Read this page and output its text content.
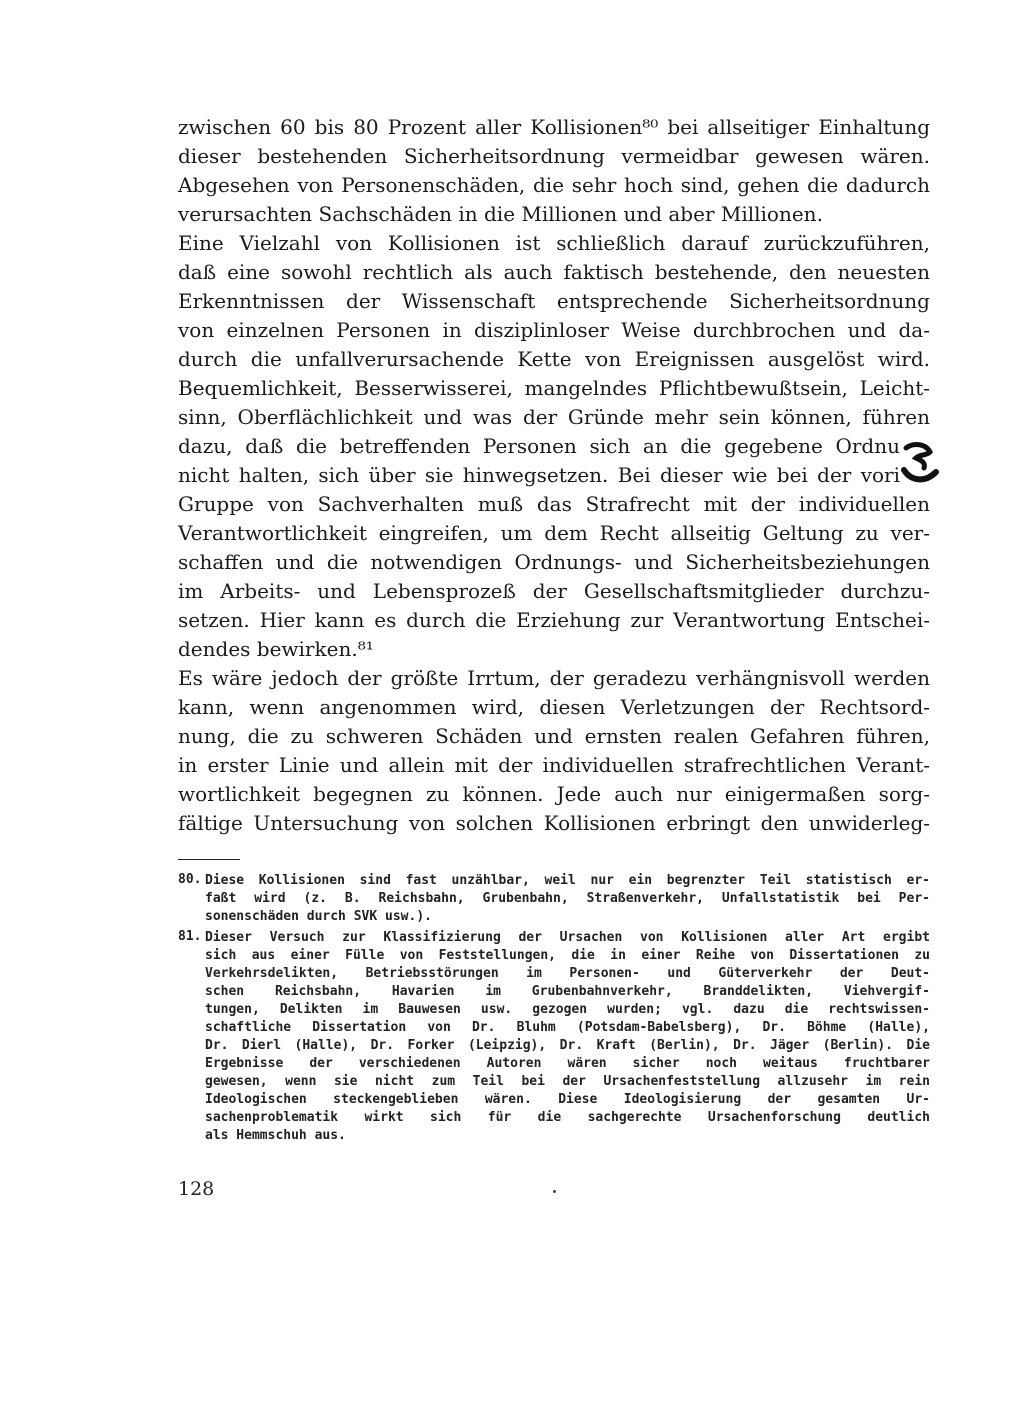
zwischen 60 bis 80 Prozent aller Kollisionen⁸⁰ bei allseitiger Einhaltung
dieser bestehenden Sicherheitsordnung vermeidbar gewesen wären.
Abgesehen von Personenschäden, die sehr hoch sind, gehen die dadurch
verursachten Sachschäden in die Millionen und aber Millionen.
Eine Vielzahl von Kollisionen ist schließlich darauf zurückzuführen,
daß eine sowohl rechtlich als auch faktisch bestehende, den neuesten
Erkenntnissen der Wissenschaft entsprechende Sicherheitsordnung
von einzelnen Personen in disziplinloser Weise durchbrochen und da-
durch die unfallverursachende Kette von Ereignissen ausgelöst wird.
Bequemlichkeit, Besserwisserei, mangelndes Pflichtbewußtsein, Leicht-
sinn, Oberflächlichkeit und was der Gründe mehr sein können, führen
dazu, daß die betreffenden Personen sich an die gegebene Ordnu
nicht halten, sich über sie hinwegsetzen. Bei dieser wie bei der vori
Gruppe von Sachverhalten muß das Strafrecht mit der individuellen
Verantwortlichkeit eingreifen, um dem Recht allseitig Geltung zu ver-
schaffen und die notwendigen Ordnungs- und Sicherheitsbeziehungen
im Arbeits- und Lebensprozeß der Gesellschaftsmitglieder durchzu-
setzen. Hier kann es durch die Erziehung zur Verantwortung Entschei-
dendes bewirken.⁸¹
Es wäre jedoch der größte Irrtum, der geradezu verhängnisvoll werden
kann, wenn angenommen wird, diesen Verletzungen der Rechtsord-
nung, die zu schweren Schäden und ernsten realen Gefahren führen,
in erster Linie und allein mit der individuellen strafrechtlichen Verant-
wortlichkeit begegnen zu können. Jede auch nur einigermaßen sorg-
fältige Untersuchung von solchen Kollisionen erbringt den unwiderleg-
80. Diese Kollisionen sind fast unzählbar, weil nur ein begrenzter Teil statistisch er-
faßt wird (z. B. Reichsbahn, Grubenbahn, Straßenverkehr, Unfallstatistik bei Per-
sonenschäden durch SVK usw.).
81. Dieser Versuch zur Klassifizierung der Ursachen von Kollisionen aller Art ergibt
sich aus einer Fülle von Feststellungen, die in einer Reihe von Dissertationen zu
Verkehrsdelikten, Betriebsstörungen im Personen- und Güterverkehr der Deut-
schen Reichsbahn, Havarien im Grubenbahnverkehr, Branddelikten, Viehvergif-
tungen, Delikten im Bauwesen usw. gezogen wurden; vgl. dazu die rechtswissen-
schaftliche Dissertation von Dr. Bluhm (Potsdam-Babelsberg), Dr. Böhme (Halle),
Dr. Dierl (Halle), Dr. Forker (Leipzig), Dr. Kraft (Berlin), Dr. Jäger (Berlin). Die
Ergebnisse der verschiedenen Autoren wären sicher noch weitaus fruchtbarer
gewesen, wenn sie nicht zum Teil bei der Ursachenfeststellung allzusehr im rein
Ideologischen steckengeblieben wären. Diese Ideologisierung der gesamten Ur-
sachenproblematik wirkt sich für die sachgerechte Ursachenforschung deutlich
als Hemmschuh aus.
128
